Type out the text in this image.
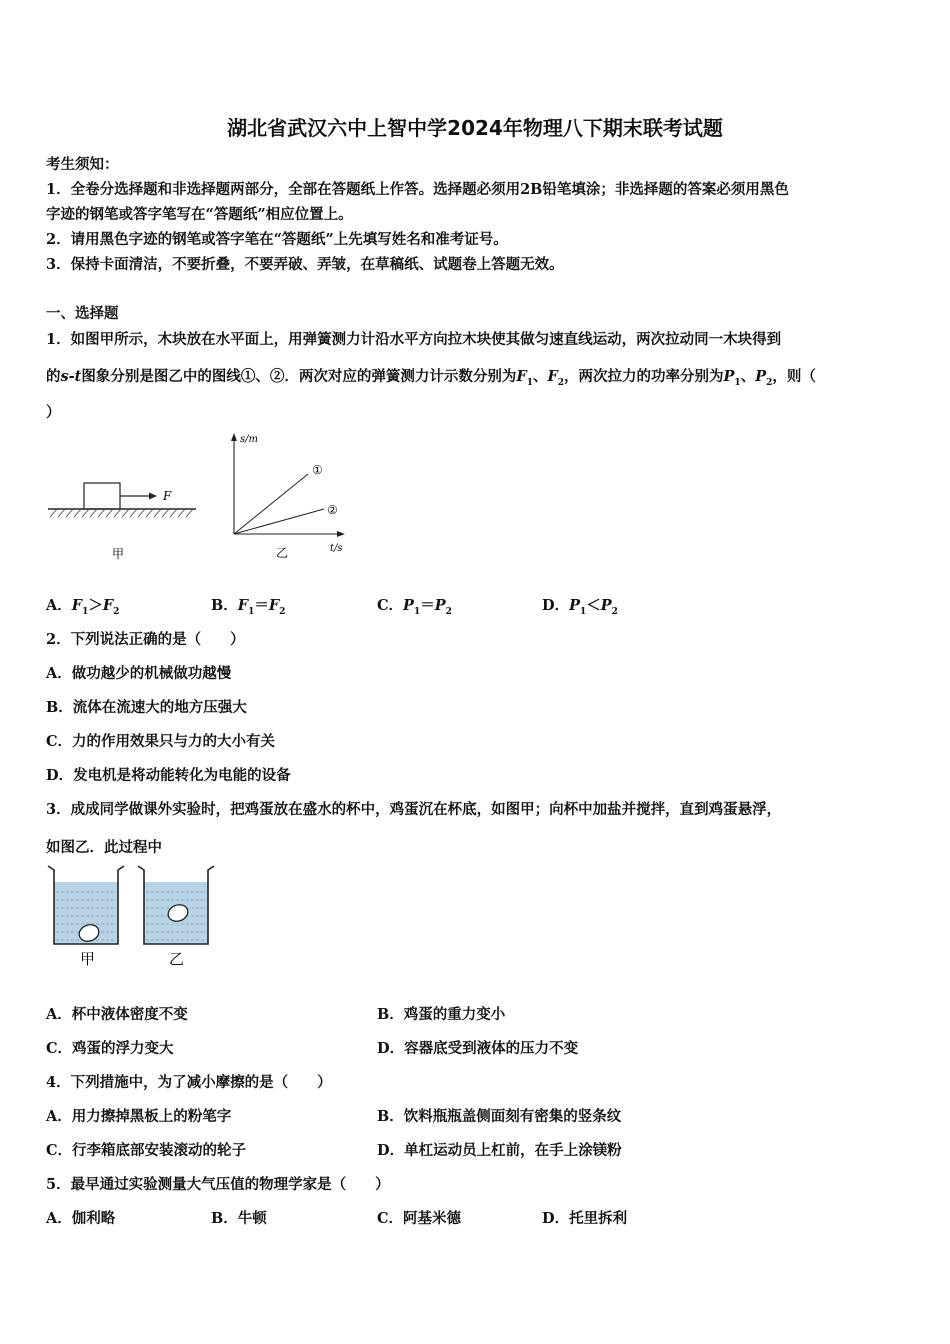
湖北省武汉六中上智中学2024年物理八下期末联考试题
考生须知：
1．全卷分选择题和非选择题两部分，全部在答题纸上作答。选择题必须用2B铅笔填涂；非选择题的答案必须用黑色
字迹的钢笔或答字笔写在“答题纸”相应位置上。
2．请用黑色字迹的钢笔或答字笔在“答题纸”上先填写姓名和准考证号。
3．保持卡面清洁，不要折叠，不要弄破、弄皱，在草稿纸、试题卷上答题无效。
一、选择题
1．如图甲所示，木块放在水平面上，用弹簧测力计沿水平方向拉木块使其做匀速直线运动，两次拉动同一木块得到
的s-t图象分别是图乙中的图线①、②．两次对应的弹簧测力计示数分别为$F_1$、$F_2$，两次拉力的功率分别为$P_1$、$P_2$，则（
）
F
甲
s/m
t/s
①
②
乙
A．$F_1>F_2$	B．$F_1=F_2$	C．$P_1=P_2$	D．$P_1<P_2$
2．下列说法正确的是（　　）
A．做功越少的机械做功越慢
B．流体在流速大的地方压强大
C．力的作用效果只与力的大小有关
D．发电机是将动能转化为电能的设备
3．成成同学做课外实验时，把鸡蛋放在盛水的杯中，鸡蛋沉在杯底，如图甲；向杯中加盐并搅拌，直到鸡蛋悬浮，
如图乙．此过程中
甲	乙
A．杯中液体密度不变	B．鸡蛋的重力变小
C．鸡蛋的浮力变大	D．容器底受到液体的压力不变
4．下列措施中，为了减小摩擦的是（　　）
A．用力擦掉黑板上的粉笔字	B．饮料瓶瓶盖侧面刻有密集的竖条纹
C．行李箱底部安装滚动的轮子	D．单杠运动员上杠前，在手上涂镁粉
5．最早通过实验测量大气压值的物理学家是（　　）
A．伽利略	B．牛顿	C．阿基米德	D．托里拆利
